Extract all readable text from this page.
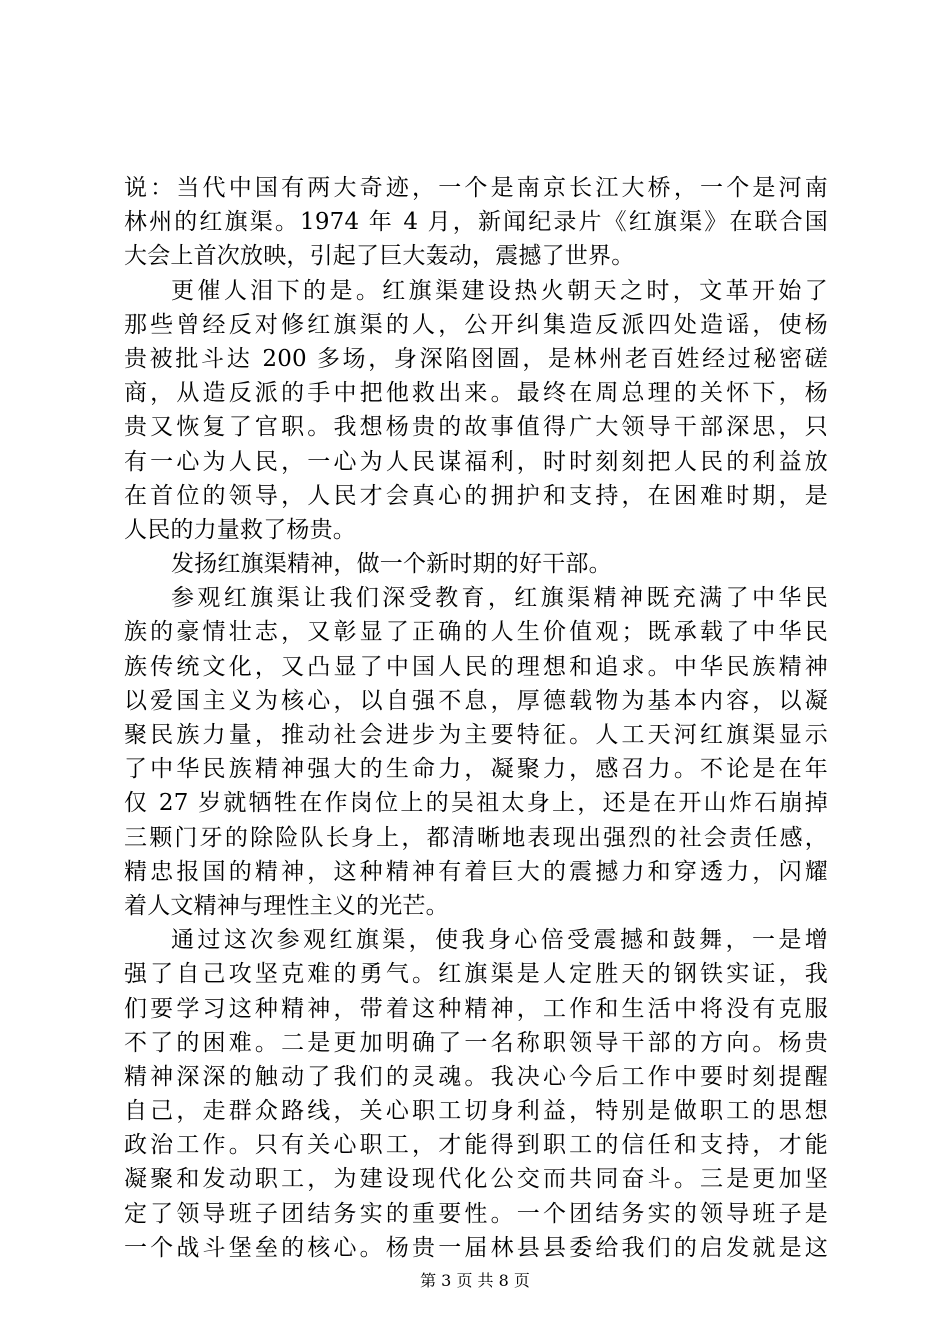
说：当代中国有两大奇迹，一个是南京长江大桥，一个是河南
林州的红旗渠。1974 年 4 月，新闻纪录片《红旗渠》在联合国
大会上首次放映，引起了巨大轰动，震撼了世界。
更催人泪下的是。红旗渠建设热火朝天之时，文革开始了
那些曾经反对修红旗渠的人，公开纠集造反派四处造谣，使杨
贵被批斗达 200 多场，身深陷囹圄，是林州老百姓经过秘密磋
商，从造反派的手中把他救出来。最终在周总理的关怀下，杨
贵又恢复了官职。我想杨贵的故事值得广大领导干部深思，只
有一心为人民，一心为人民谋福利，时时刻刻把人民的利益放
在首位的领导，人民才会真心的拥护和支持，在困难时期，是
人民的力量救了杨贵。
发扬红旗渠精神，做一个新时期的好干部。
参观红旗渠让我们深受教育，红旗渠精神既充满了中华民
族的豪情壮志，又彰显了正确的人生价值观；既承载了中华民
族传统文化，又凸显了中国人民的理想和追求。中华民族精神
以爱国主义为核心，以自强不息，厚德载物为基本内容，以凝
聚民族力量，推动社会进步为主要特征。人工天河红旗渠显示
了中华民族精神强大的生命力，凝聚力，感召力。不论是在年
仅 27 岁就牺牲在作岗位上的吴祖太身上，还是在开山炸石崩掉
三颗门牙的除险队长身上，都清晰地表现出强烈的社会责任感，
精忠报国的精神，这种精神有着巨大的震撼力和穿透力，闪耀
着人文精神与理性主义的光芒。
通过这次参观红旗渠，使我身心倍受震撼和鼓舞，一是增
强了自己攻坚克难的勇气。红旗渠是人定胜天的钢铁实证，我
们要学习这种精神，带着这种精神，工作和生活中将没有克服
不了的困难。二是更加明确了一名称职领导干部的方向。杨贵
精神深深的触动了我们的灵魂。我决心今后工作中要时刻提醒
自己，走群众路线，关心职工切身利益，特别是做职工的思想
政治工作。只有关心职工，才能得到职工的信任和支持，才能
凝聚和发动职工，为建设现代化公交而共同奋斗。三是更加坚
定了领导班子团结务实的重要性。一个团结务实的领导班子是
一个战斗堡垒的核心。杨贵一届林县县委给我们的启发就是这
第 3 页 共 8 页
